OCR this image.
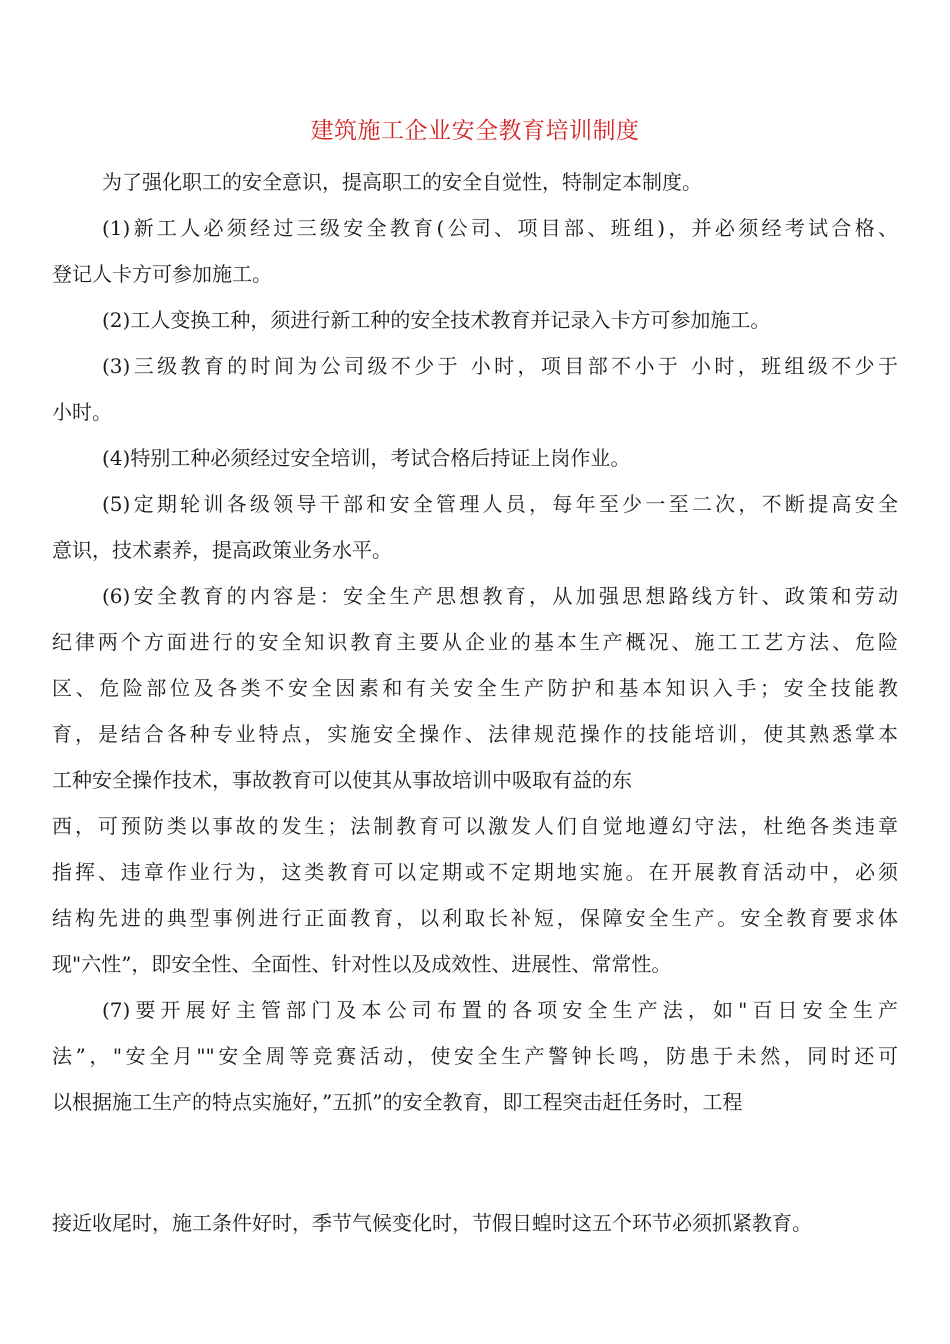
建筑施工企业安全教育培训制度
为了强化职工的安全意识，提高职工的安全自觉性，特制定本制度。
(1)新工人必须经过三级安全教育(公司、项目部、班组)，并必须经考试合格、
登记人卡方可参加施工。
(2)工人变换工种，须进行新工种的安全技术教育并记录入卡方可参加施工。
(3)三级教育的时间为公司级不少于 小时，项目部不小于 小时，班组级不少于
小时。
(4)特别工种必须经过安全培训，考试合格后持证上岗作业。
(5)定期轮训各级领导干部和安全管理人员，每年至少一至二次，不断提高安全
意识，技术素养，提高政策业务水平。
(6)安全教育的内容是：安全生产思想教育，从加强思想路线方针、政策和劳动
纪律两个方面进行的安全知识教育主要从企业的基本生产概况、施工工艺方法、危险
区、危险部位及各类不安全因素和有关安全生产防护和基本知识入手；安全技能教
育，是结合各种专业特点，实施安全操作、法律规范操作的技能培训，使其熟悉掌本
工种安全操作技术，事故教育可以使其从事故培训中吸取有益的东
西，可预防类以事故的发生；法制教育可以激发人们自觉地遵幻守法，杜绝各类违章
指挥、违章作业行为，这类教育可以定期或不定期地实施。在开展教育活动中，必须
结构先进的典型事例进行正面教育，以利取长补短，保障安全生产。安全教育要求体
现"六性”，即安全性、全面性、针对性以及成效性、进展性、常常性。
(7)要开展好主管部门及本公司布置的各项安全生产法，如"百日安全生产
法”，"安全月""安全周等竞赛活动，使安全生产警钟长鸣，防患于未然，同时还可
以根据施工生产的特点实施好，”五抓”的安全教育，即工程突击赶任务时，工程
接近收尾时，施工条件好时，季节气候变化时，节假日蝗时这五个环节必须抓紧教育。
